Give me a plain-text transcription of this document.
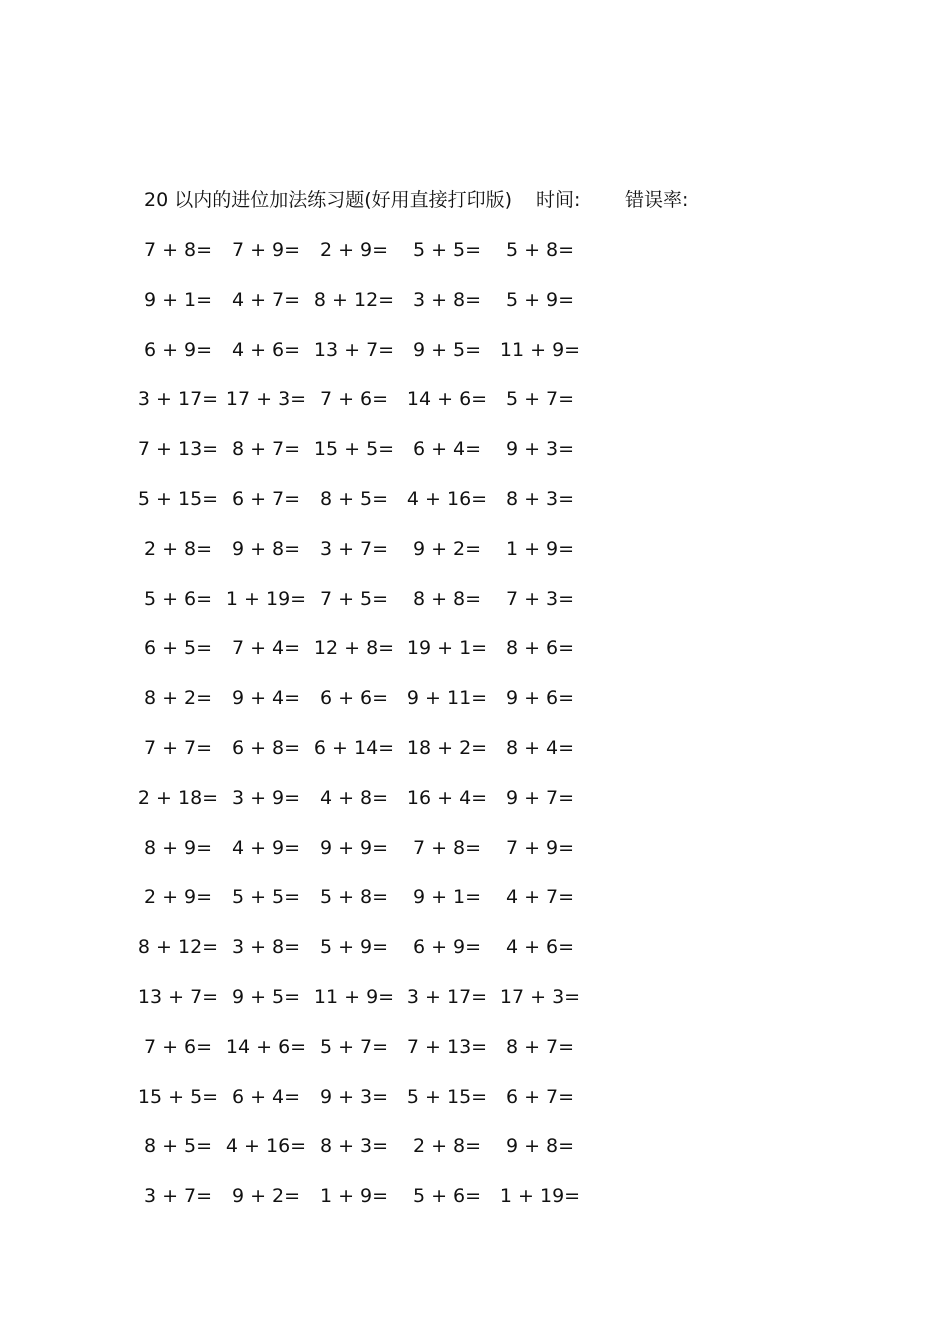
20 以内的进位加法练习题(好用直接打印版) 时间: 错误率:
7 + 8= 7 + 9= 2 + 9= 5 + 5= 5 + 8=
9 + 1= 4 + 7= 8 + 12= 3 + 8= 5 + 9=
6 + 9= 4 + 6= 13 + 7= 9 + 5= 11 + 9=
3 + 17= 17 + 3= 7 + 6= 14 + 6= 5 + 7=
7 + 13= 8 + 7= 15 + 5= 6 + 4= 9 + 3=
5 + 15= 6 + 7= 8 + 5= 4 + 16= 8 + 3=
2 + 8= 9 + 8= 3 + 7= 9 + 2= 1 + 9=
5 + 6= 1 + 19= 7 + 5= 8 + 8= 7 + 3=
6 + 5= 7 + 4= 12 + 8= 19 + 1= 8 + 6=
8 + 2= 9 + 4= 6 + 6= 9 + 11= 9 + 6=
7 + 7= 6 + 8= 6 + 14= 18 + 2= 8 + 4=
2 + 18= 3 + 9= 4 + 8= 16 + 4= 9 + 7=
8 + 9= 4 + 9= 9 + 9= 7 + 8= 7 + 9=
2 + 9= 5 + 5= 5 + 8= 9 + 1= 4 + 7=
8 + 12= 3 + 8= 5 + 9= 6 + 9= 4 + 6=
13 + 7= 9 + 5= 11 + 9= 3 + 17= 17 + 3=
7 + 6= 14 + 6= 5 + 7= 7 + 13= 8 + 7=
15 + 5= 6 + 4= 9 + 3= 5 + 15= 6 + 7=
8 + 5= 4 + 16= 8 + 3= 2 + 8= 9 + 8=
3 + 7= 9 + 2= 1 + 9= 5 + 6= 1 + 19=
